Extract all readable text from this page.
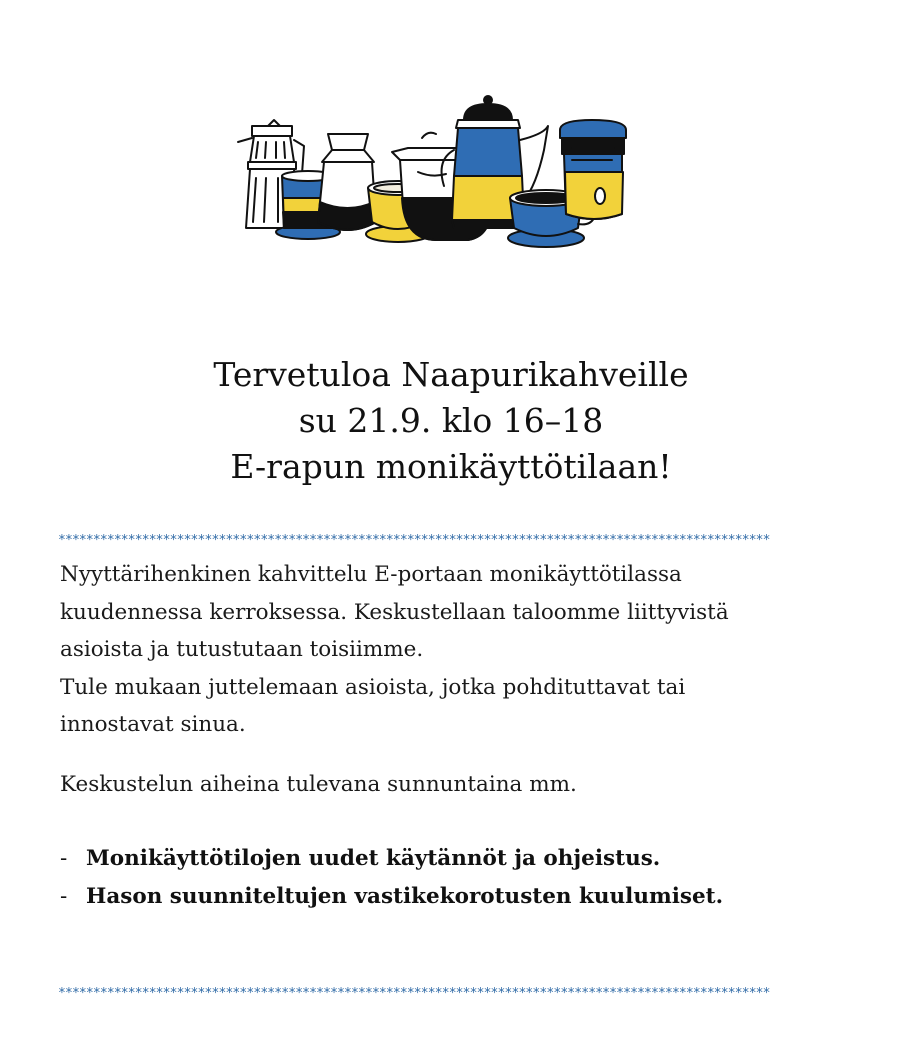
Tervetuloa Naapurikahveille
su 21.9. klo 16–18
E-rapun monikäyttötilaan!
******************************************************************************************************
Nyyttärihenkinen kahvittelu E-portaan monikäyttötilassa
kuudennessa kerroksessa. Keskustellaan taloomme liittyvistä
asioista ja tutustutaan toisiimme.
Tule mukaan juttelemaan asioista, jotka pohdituttavat tai
innostavat sinua.
Keskustelun aiheina tulevana sunnuntaina mm.
- Monikäyttötilojen uudet käytännöt ja ohjeistus.
- Hason suunniteltujen vastikekorotusten kuulumiset.
******************************************************************************************************
